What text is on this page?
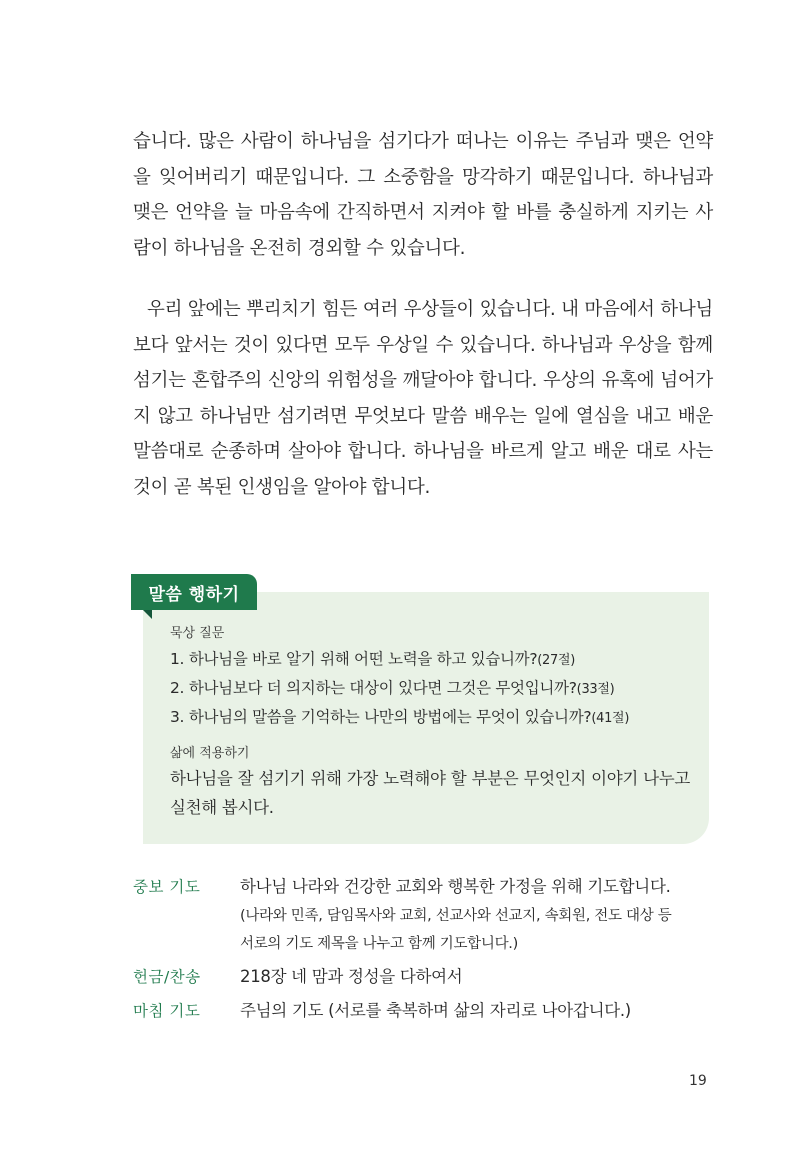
습니다. 많은 사람이 하나님을 섬기다가 떠나는 이유는 주님과 맺은 언약을 잊어버리기 때문입니다. 그 소중함을 망각하기 때문입니다. 하나님과 맺은 언약을 늘 마음속에 간직하면서 지켜야 할 바를 충실하게 지키는 사람이 하나님을 온전히 경외할 수 있습니다.

우리 앞에는 뿌리치기 힘든 여러 우상들이 있습니다. 내 마음에서 하나님보다 앞서는 것이 있다면 모두 우상일 수 있습니다. 하나님과 우상을 함께 섬기는 혼합주의 신앙의 위험성을 깨달아야 합니다. 우상의 유혹에 넘어가지 않고 하나님만 섬기려면 무엇보다 말씀 배우는 일에 열심을 내고 배운 말씀대로 순종하며 살아야 합니다. 하나님을 바르게 알고 배운 대로 사는 것이 곧 복된 인생임을 알아야 합니다.

말씀 행하기
묵상 질문
1. 하나님을 바로 알기 위해 어떤 노력을 하고 있습니까?(27절)
2. 하나님보다 더 의지하는 대상이 있다면 그것은 무엇입니까?(33절)
3. 하나님의 말씀을 기억하는 나만의 방법에는 무엇이 있습니까?(41절)
삶에 적용하기

하나님을 잘 섬기기 위해 가장 노력해야 할 부분은 무엇인지 이야기 나누고 실천해 봅시다.

중보 기도 하나님 나라와 건강한 교회와 행복한 가정을 위해 기도합니다.
(나라와 민족, 담임목사와 교회, 선교사와 선교지, 속회원, 전도 대상 등
서로의 기도 제목을 나누고 함께 기도합니다.)
헌금/찬송 218장 네 맘과 정성을 다하여서
마침 기도 주님의 기도 (서로를 축복하며 삶의 자리로 나아갑니다.)
19
